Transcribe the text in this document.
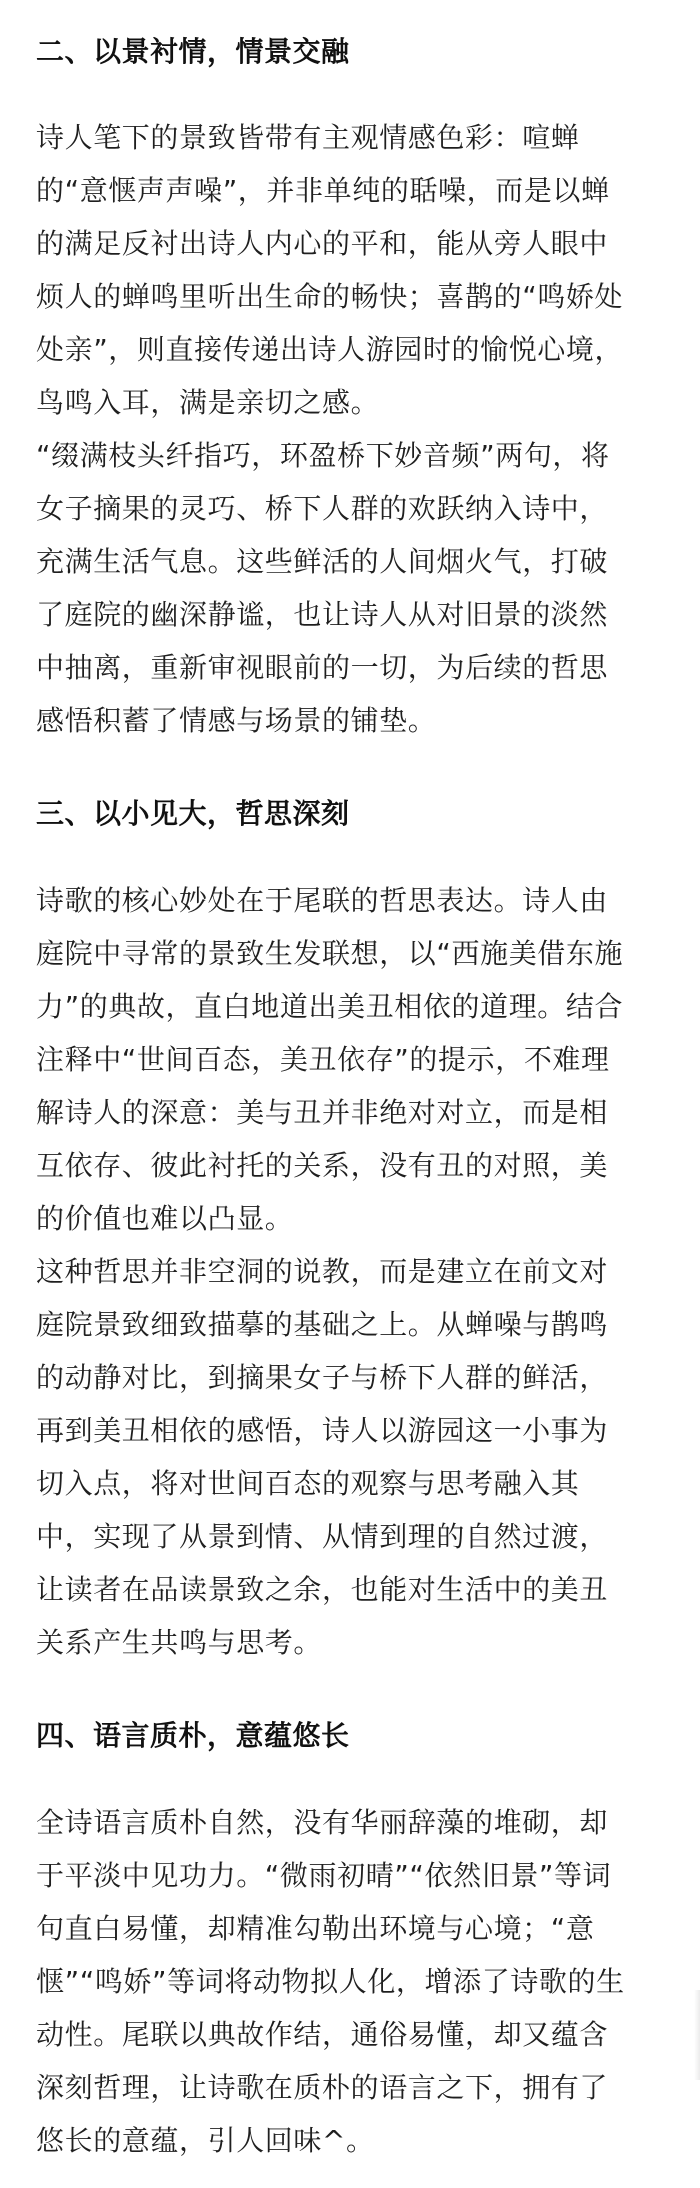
二、以景衬情，情景交融
诗人笔下的景致皆带有主观情感色彩：喧蝉
的“意惬声声噪”，并非单纯的聒噪，而是以蝉
的满足反衬出诗人内心的平和，能从旁人眼中
烦人的蝉鸣里听出生命的畅快；喜鹊的“鸣娇处
处亲”，则直接传递出诗人游园时的愉悦心境，
鸟鸣入耳，满是亲切之感。
“缀满枝头纤指巧，环盈桥下妙音频”两句，将
女子摘果的灵巧、桥下人群的欢跃纳入诗中，
充满生活气息。这些鲜活的人间烟火气，打破
了庭院的幽深静谧，也让诗人从对旧景的淡然
中抽离，重新审视眼前的一切，为后续的哲思
感悟积蓄了情感与场景的铺垫。
三、以小见大，哲思深刻
诗歌的核心妙处在于尾联的哲思表达。诗人由
庭院中寻常的景致生发联想，以“西施美借东施
力”的典故，直白地道出美丑相依的道理。结合
注释中“世间百态，美丑依存”的提示，不难理
解诗人的深意：美与丑并非绝对对立，而是相
互依存、彼此衬托的关系，没有丑的对照，美
的价值也难以凸显。
这种哲思并非空洞的说教，而是建立在前文对
庭院景致细致描摹的基础之上。从蝉噪与鹊鸣
的动静对比，到摘果女子与桥下人群的鲜活，
再到美丑相依的感悟，诗人以游园这一小事为
切入点，将对世间百态的观察与思考融入其
中，实现了从景到情、从情到理的自然过渡，
让读者在品读景致之余，也能对生活中的美丑
关系产生共鸣与思考。
四、语言质朴，意蕴悠长
全诗语言质朴自然，没有华丽辞藻的堆砌，却
于平淡中见功力。“微雨初晴”“依然旧景”等词
句直白易懂，却精准勾勒出环境与心境；“意
惬”“鸣娇”等词将动物拟人化，增添了诗歌的生
动性。尾联以典故作结，通俗易懂，却又蕴含
深刻哲理，让诗歌在质朴的语言之下，拥有了
悠长的意蕴，引人回味^。
